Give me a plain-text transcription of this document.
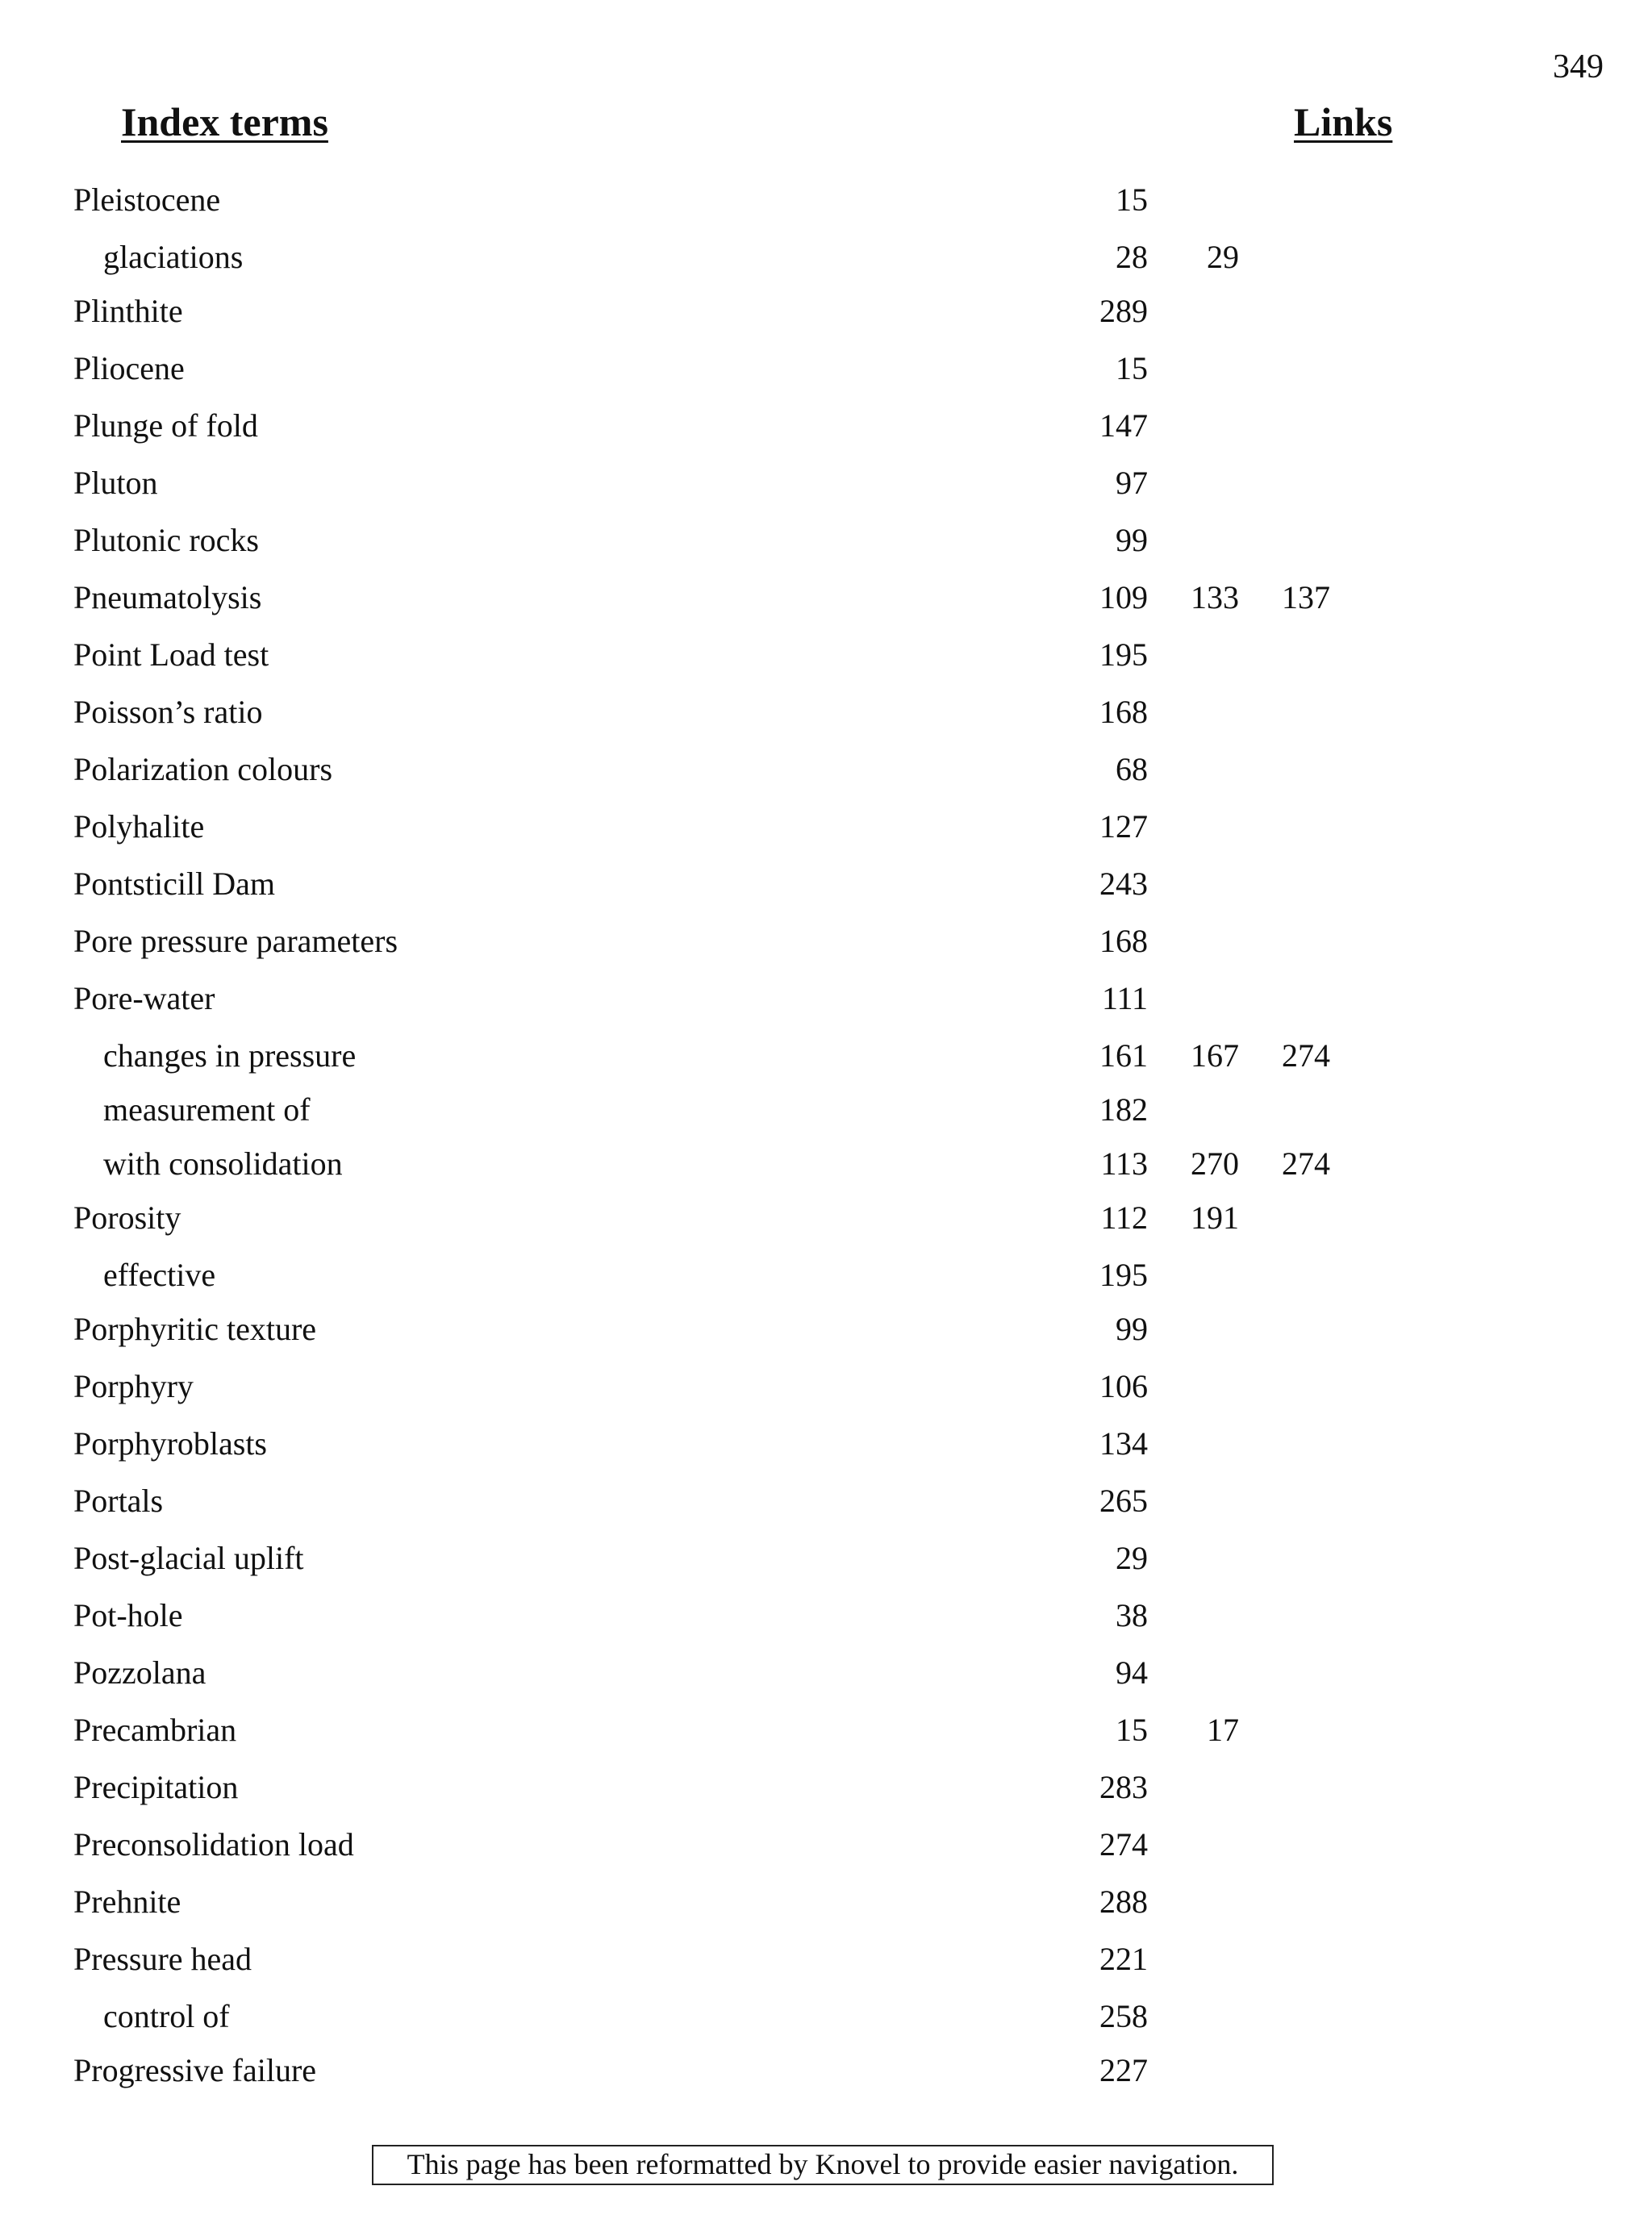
349
Index terms	Links
Pleistocene	15
glaciations	28	29
Plinthite	289
Pliocene	15
Plunge of fold	147
Pluton	97
Plutonic rocks	99
Pneumatolysis	109	133	137
Point Load test	195
Poisson’s ratio	168
Polarization colours	68
Polyhalite	127
Pontsticill Dam	243
Pore pressure parameters	168
Pore-water	111
changes in pressure	161	167	274
measurement of	182
with consolidation	113	270	274
Porosity	112	191
effective	195
Porphyritic texture	99
Porphyry	106
Porphyroblasts	134
Portals	265
Post-glacial uplift	29
Pot-hole	38
Pozzolana	94
Precambrian	15	17
Precipitation	283
Preconsolidation load	274
Prehnite	288
Pressure head	221
control of	258
Progressive failure	227
This page has been reformatted by Knovel to provide easier navigation.
